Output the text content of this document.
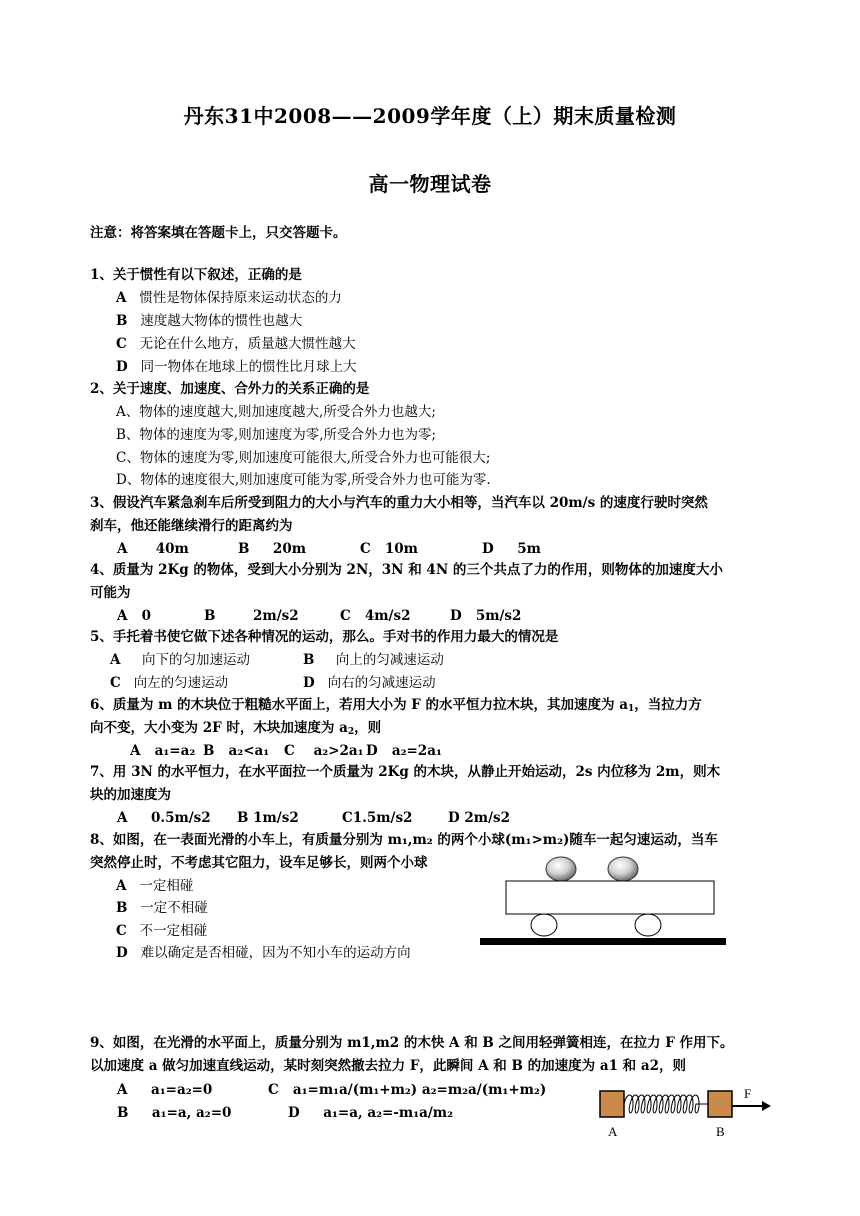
丹东31中2008——2009学年度（上）期末质量检测
高一物理试卷
注意：将答案填在答题卡上，只交答题卡。
1、关于惯性有以下叙述，正确的是
A 惯性是物体保持原来运动状态的力
B 速度越大物体的惯性也越大
C 无论在什么地方，质量越大惯性越大
D 同一物体在地球上的惯性比月球上大
2、关于速度、加速度、合外力的关系正确的是
A、物体的速度越大,则加速度越大,所受合外力也越大;
B、物体的速度为零,则加速度为零,所受合外力也为零;
C、物体的速度为零,则加速度可能很大,所受合外力也可能很大;
D、物体的速度很大,则加速度可能为零,所受合外力也可能为零.
3、假设汽车紧急刹车后所受到阻力的大小与汽车的重力大小相等，当汽车以 20m/s 的速度行驶时突然
刹车，他还能继续滑行的距离约为
A 40m	B 20m	C 10m	D 5m
4、质量为 2Kg 的物体，受到大小分别为 2N，3N 和 4N 的三个共点了力的作用，则物体的加速度大小
可能为
A 0	B	2m/s2	C 4m/s2	D 5m/s2
5、手托着书使它做下述各种情况的运动，那么。手对书的作用力最大的情况是
A 向下的匀加速运动	B 向上的匀减速运动
C 向左的匀速运动	D 向右的匀减速运动
6、质量为 m 的木块位于粗糙水平面上，若用大小为 F 的水平恒力拉木块，其加速度为 $a_1$，当拉力方
向不变，大小变为 2F 时，木块加速度为 $a_2$，则
A a₁=a₂ B a₂<a₁ C a₂>2a₁ D a₂=2a₁
7、用 3N 的水平恒力，在水平面拉一个质量为 2Kg 的木块，从静止开始运动，2s 内位移为 2m，则木
块的加速度为
A 0.5m/s2 B 1m/s2	C1.5m/s2	D 2m/s2
8、如图，在一表面光滑的小车上，有质量分别为 m₁,m₂ 的两个小球(m₁>m₂)随车一起匀速运动，当车
突然停止时，不考虑其它阻力，设车足够长，则两个小球
A 一定相碰
B 一定不相碰
C 不一定相碰
D 难以确定是否相碰，因为不知小车的运动方向
9、如图，在光滑的水平面上，质量分别为 m1,m2 的木快 A 和 B 之间用轻弹簧相连，在拉力 F 作用下。
以加速度 a 做匀加速直线运动，某时刻突然撤去拉力 F，此瞬间 A 和 B 的加速度为 a1 和 a2，则
A a₁=a₂=0	C a₁=m₁a/(m₁+m₂) a₂=m₂a/(m₁+m₂)
B a₁=a, a₂=0	D a₁=a, a₂=-m₁a/m₂
F
A	B
